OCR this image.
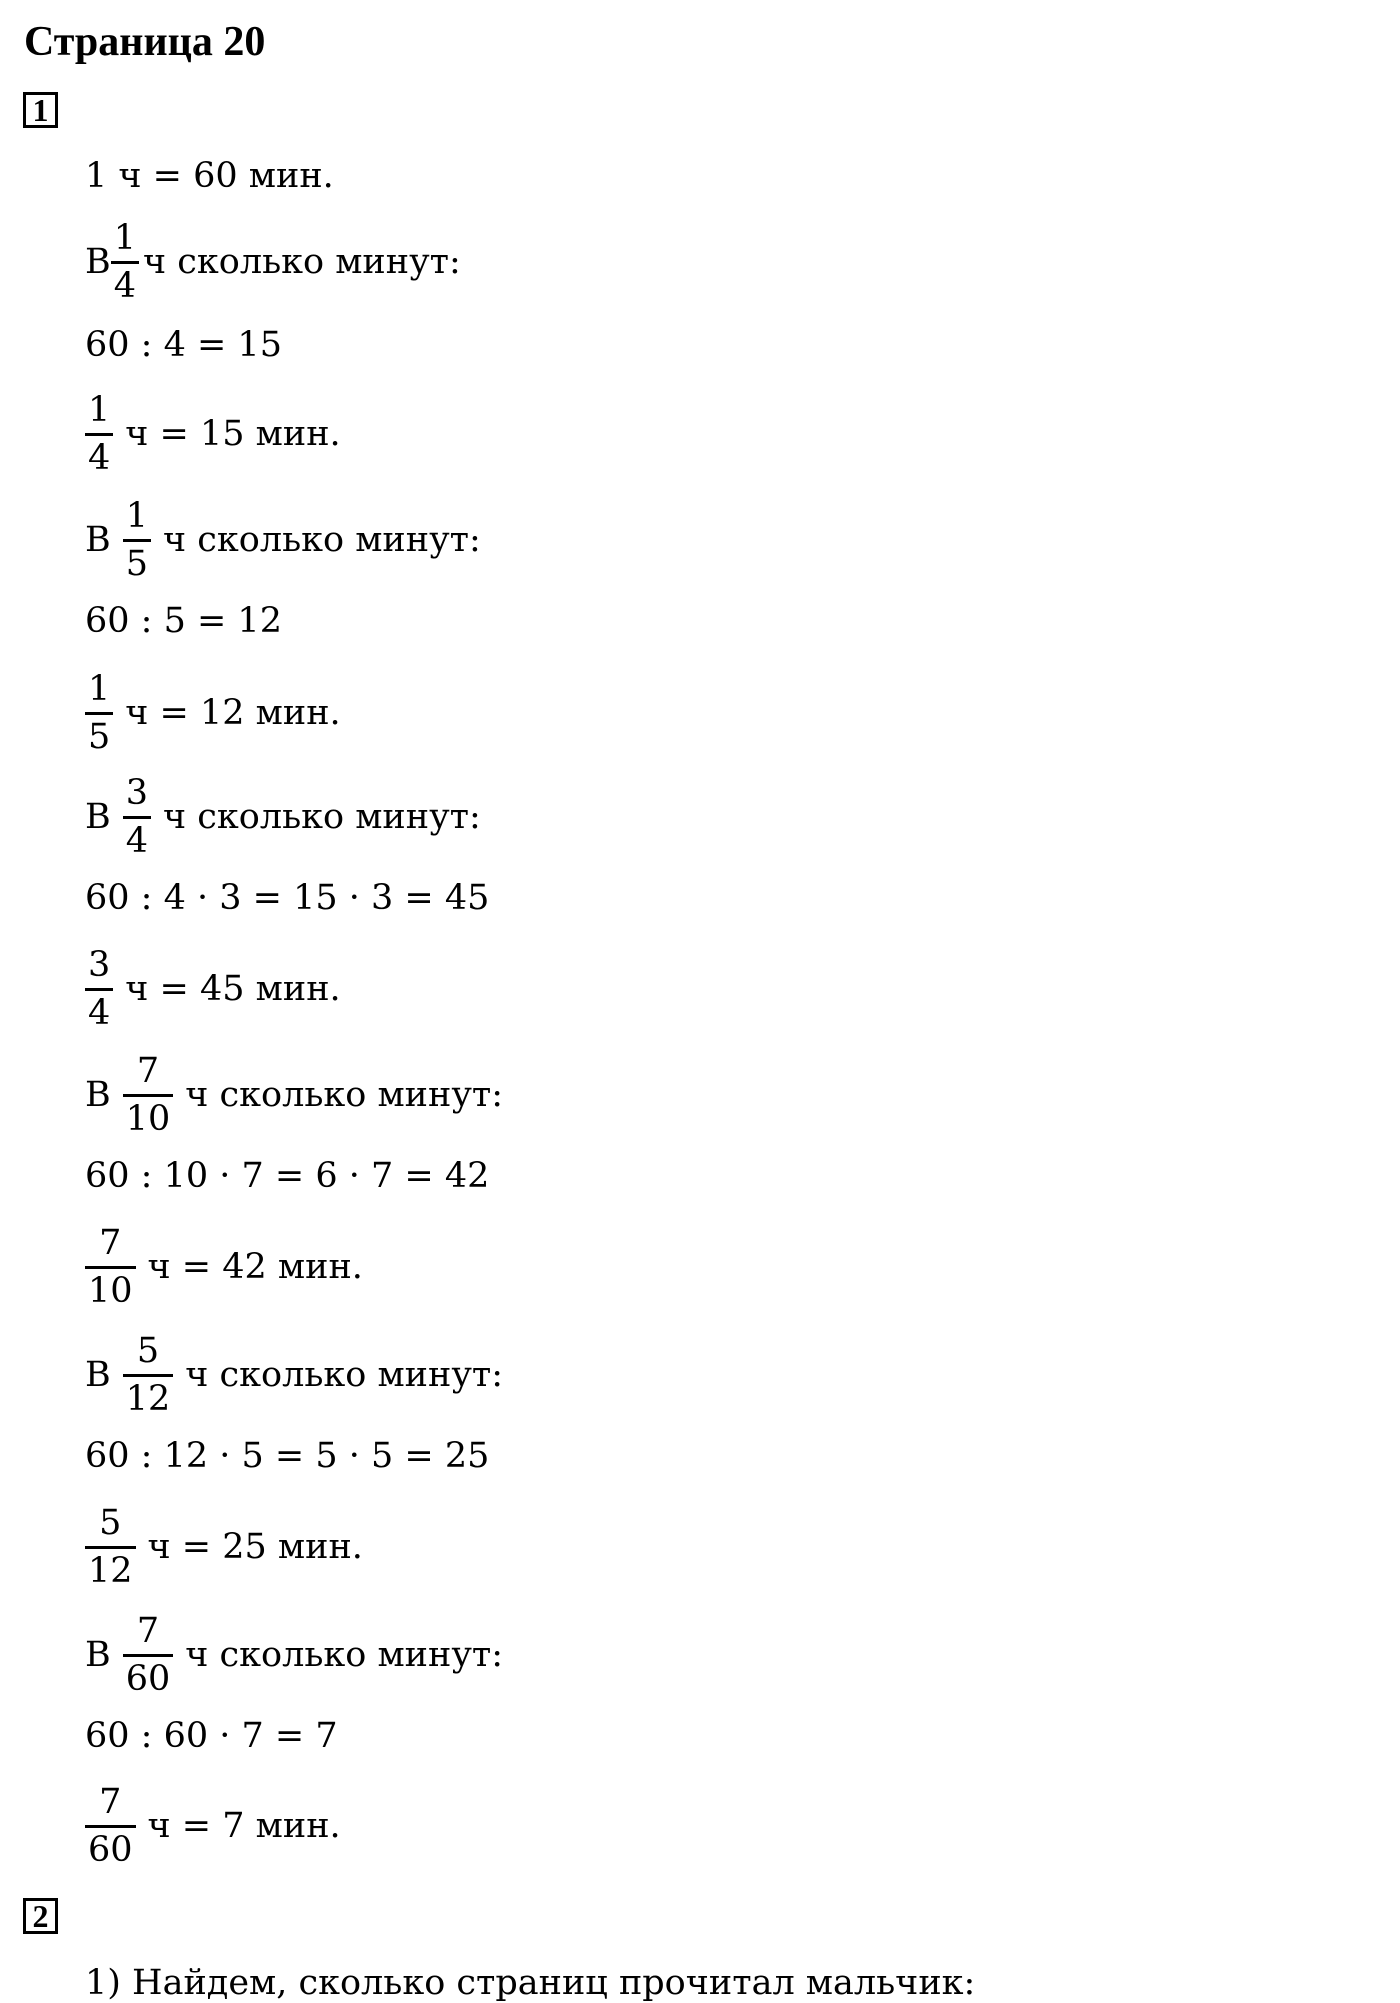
Страница 20
1
1 ч = 60 мин.
В $\frac{1}{4}$ ч сколько минут:
60 : 4 = 15
$\frac{1}{4}$ ч = 15 мин.
В $\frac{1}{5}$ ч сколько минут:
60 : 5 = 12
$\frac{1}{5}$ ч = 12 мин.
В $\frac{3}{4}$ ч сколько минут:
60 : 4 · 3 = 15 · 3 = 45
$\frac{3}{4}$ ч = 45 мин.
В $\frac{7}{10}$ ч сколько минут:
60 : 10 · 7 = 6 · 7 = 42
$\frac{7}{10}$ ч = 42 мин.
В $\frac{5}{12}$ ч сколько минут:
60 : 12 · 5 = 5 · 5 = 25
$\frac{5}{12}$ ч = 25 мин.
В $\frac{7}{60}$ ч сколько минут:
60 : 60 · 7 = 7
$\frac{7}{60}$ ч = 7 мин.
2
1) Найдем, сколько страниц прочитал мальчик:
